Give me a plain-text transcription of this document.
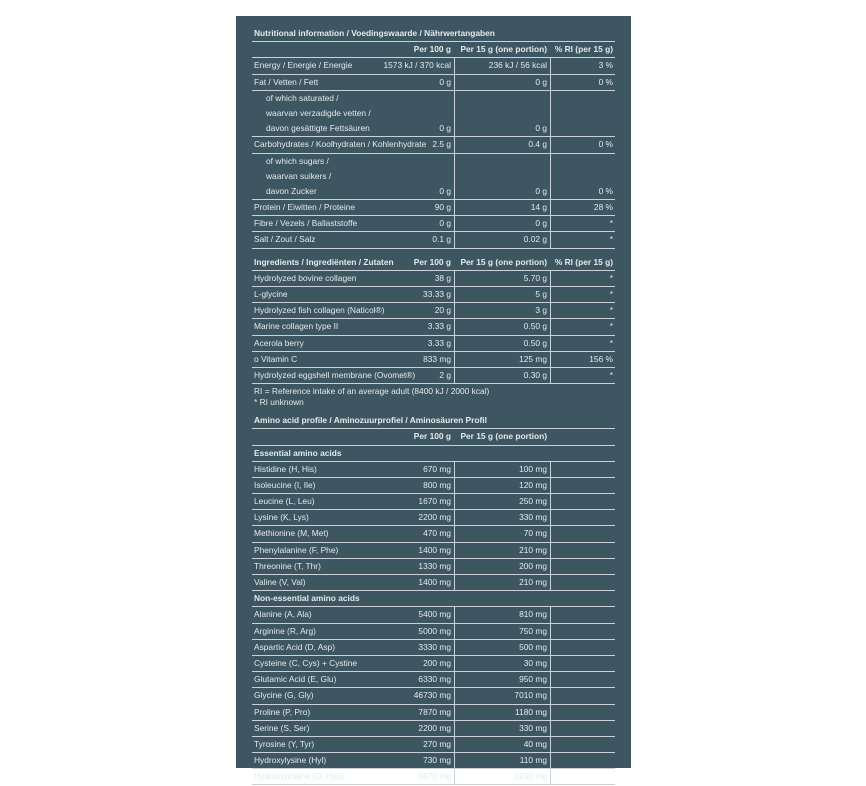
Nutritional information / Voedingswaarde / Nährwertangaben
Per 100 g Per 15 g (one portion) % RI (per 15 g)
Energy / Energie / Energie	1573 kJ / 370 kcal	236 kJ / 56 kcal	3 %
Fat / Vetten / Fett	0 g	0 g	0 %
of which saturated /
waarvan verzadigde vetten /
davon gesättigte Fettsäuren	0 g	0 g
Carbohydrates / Koolhydraten / Kohlenhydrate 2.5 g	0.4 g	0 %
of which sugars /
waarvan suikers /
davon Zucker	0 g	0 g	0 %
Protein / Eiwitten / Proteine	90 g	14 g	28 %
Fibre / Vezels / Ballaststoffe	0 g	0 g	*
Salt / Zout / Salz	0.1 g	0.02 g	*
Ingredients / Ingrediënten / Zutaten Per 100 g Per 15 g (one portion) % RI (per 15 g)
Hydrolyzed bovine collagen	38 g	5.70 g	*
L-glycine	33.33 g	5 g	*
Hydrolyzed fish collagen (Naticol®)	20 g	3 g	*
Marine collagen type II	3.33 g	0.50 g	*
Acerola berry	3.33 g	0.50 g	*
o Vitamin C	833 mg	125 mg	156 %
Hydrolyzed eggshell membrane (Ovomet®)	2 g	0.30 g	*
RI = Reference intake of an average adult (8400 kJ / 2000 kcal)
* RI unknown
Amino acid profile / Aminozuurprofiel / Aminosäuren Profil
Per 100 g Per 15 g (one portion)
Essential amino acids
Histidine (H, His)	670 mg	100 mg
Isoleucine (I, Ile)	800 mg	120 mg
Leucine (L, Leu)	1670 mg	250 mg
Lysine (K, Lys)	2200 mg	330 mg
Methionine (M, Met)	470 mg	70 mg
Phenylalanine (F, Phe)	1400 mg	210 mg
Threonine (T, Thr)	1330 mg	200 mg
Valine (V, Val)	1400 mg	210 mg
Non-essential amino acids
Alanine (A, Ala)	5400 mg	810 mg
Arginine (R, Arg)	5000 mg	750 mg
Aspartic Acid (D, Asp)	3330 mg	500 mg
Cysteine (C, Cys) + Cystine	200 mg	30 mg
Glutamic Acid (E, Glu)	6330 mg	950 mg
Glycine (G, Gly)	46730 mg	7010 mg
Proline (P, Pro)	7870 mg	1180 mg
Serine (S, Ser)	2200 mg	330 mg
Tyrosine (Y, Tyr)	270 mg	40 mg
Hydroxylysine (Hyl)	730 mg	110 mg
Hydroxyproline (O, Hyp)	6870 mg	1030 mg
